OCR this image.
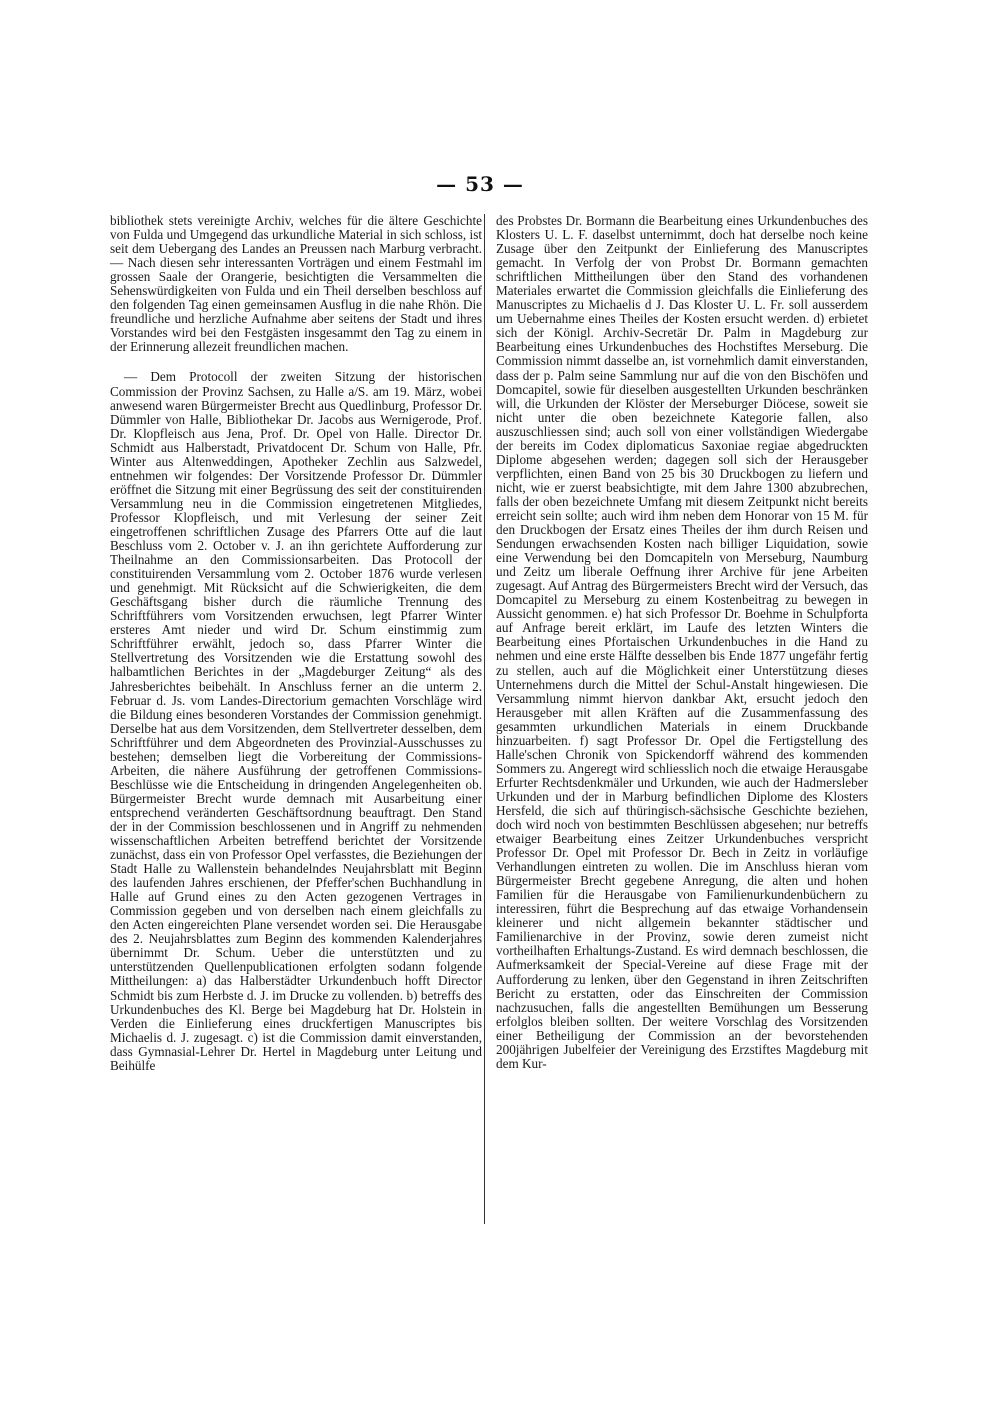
— 53 —

bibliothek stets vereinigte Archiv, welches für die ältere Geschichte von Fulda und Umgegend das urkundliche Material in sich schloss, ist seit dem Uebergang des Landes an Preussen nach Marburg verbracht. — Nach diesen sehr interessanten Vorträgen und einem Festmahl im grossen Saale der Orangerie, besichtigten die Versammelten die Sehenswürdigkeiten von Fulda und ein Theil derselben beschloss auf den folgenden Tag einen gemeinsamen Ausflug in die nahe Rhön. Die freundliche und herzliche Aufnahme aber seitens der Stadt und ihres Vorstandes wird bei den Festgästen insgesammt den Tag zu einem in der Erinnerung allezeit freundlichen machen.

— Dem Protocoll der zweiten Sitzung der historischen Commission der Provinz Sachsen, zu Halle a/S. am 19. März, wobei anwesend waren Bürgermeister Brecht aus Quedlinburg, Professor Dr. Dümmler von Halle, Bibliothekar Dr. Jacobs aus Wernigerode, Prof. Dr. Klopfleisch aus Jena, Prof. Dr. Opel von Halle. Director Dr. Schmidt aus Halberstadt, Privatdocent Dr. Schum von Halle, Pfr. Winter aus Altenweddingen, Apotheker Zechlin aus Salzwedel, entnehmen wir folgendes: Der Vorsitzende Professor Dr. Dümmler eröffnet die Sitzung mit einer Begrüssung des seit der constituirenden Versammlung neu in die Commission eingetretenen Mitgliedes, Professor Klopfleisch, und mit Verlesung der seiner Zeit eingetroffenen schriftlichen Zusage des Pfarrers Otte auf die laut Beschluss vom 2. October v. J. an ihn gerichtete Aufforderung zur Theilnahme an den Commissionsarbeiten. Das Protocoll der constituirenden Versammlung vom 2. October 1876 wurde verlesen und genehmigt. Mit Rücksicht auf die Schwierigkeiten, die dem Geschäftsgang bisher durch die räumliche Trennung des Schriftführers vom Vorsitzenden erwuchsen, legt Pfarrer Winter ersteres Amt nieder und wird Dr. Schum einstimmig zum Schriftführer erwählt, jedoch so, dass Pfarrer Winter die Stellvertretung des Vorsitzenden wie die Erstattung sowohl des halbamtlichen Berichtes in der „Magdeburger Zeitung“ als des Jahresberichtes beibehält. In Anschluss ferner an die unterm 2. Februar d. Js. vom Landes-Directorium gemachten Vorschläge wird die Bildung eines besonderen Vorstandes der Commission genehmigt. Derselbe hat aus dem Vorsitzenden, dem Stellvertreter desselben, dem Schriftführer und dem Abgeordneten des Provinzial-Ausschusses zu bestehen; demselben liegt die Vorbereitung der Commissions-Arbeiten, die nähere Ausführung der getroffenen Commissions-Beschlüsse wie die Entscheidung in dringenden Angelegenheiten ob. Bürgermeister Brecht wurde demnach mit Ausarbeitung einer entsprechend veränderten Geschäftsordnung beauftragt. Den Stand der in der Commission beschlossenen und in Angriff zu nehmenden wissenschaftlichen Arbeiten betreffend berichtet der Vorsitzende zunächst, dass ein von Professor Opel verfasstes, die Beziehungen der Stadt Halle zu Wallenstein behandelndes Neujahrsblatt mit Beginn des laufenden Jahres erschienen, der Pfeffer'schen Buchhandlung in Halle auf Grund eines zu den Acten gezogenen Vertrages in Commission gegeben und von derselben nach einem gleichfalls zu den Acten eingereichten Plane versendet worden sei. Die Herausgabe des 2. Neujahrsblattes zum Beginn des kommenden Kalenderjahres übernimmt Dr. Schum. Ueber die unterstützten und zu unterstützenden Quellenpublicationen erfolgten sodann folgende Mittheilungen: a) das Halberstädter Urkundenbuch hofft Director Schmidt bis zum Herbste d. J. im Drucke zu vollenden. b) betreffs des Urkundenbuches des Kl. Berge bei Magdeburg hat Dr. Holstein in Verden die Einlieferung eines druckfertigen Manuscriptes bis Michaelis d. J. zugesagt. c) ist die Commission damit einverstanden, dass Gymnasial-Lehrer Dr. Hertel in Magdeburg unter Leitung und Beihülfe

des Probstes Dr. Bormann die Bearbeitung eines Urkundenbuches des Klosters U. L. F. daselbst unternimmt, doch hat derselbe noch keine Zusage über den Zeitpunkt der Einlieferung des Manuscriptes gemacht. In Verfolg der von Probst Dr. Bormann gemachten schriftlichen Mittheilungen über den Stand des vorhandenen Materiales erwartet die Commission gleichfalls die Einlieferung des Manuscriptes zu Michaelis d J. Das Kloster U. L. Fr. soll ausserdem um Uebernahme eines Theiles der Kosten ersucht werden. d) erbietet sich der Königl. Archiv-Secretär Dr. Palm in Magdeburg zur Bearbeitung eines Urkundenbuches des Hochstiftes Merseburg. Die Commission nimmt dasselbe an, ist vornehmlich damit einverstanden, dass der p. Palm seine Sammlung nur auf die von den Bischöfen und Domcapitel, sowie für dieselben ausgestellten Urkunden beschränken will, die Urkunden der Klöster der Merseburger Diöcese, soweit sie nicht unter die oben bezeichnete Kategorie fallen, also auszuschliessen sind; auch soll von einer vollständigen Wiedergabe der bereits im Codex diplomaticus Saxoniae regiae abgedruckten Diplome abgesehen werden; dagegen soll sich der Herausgeber verpflichten, einen Band von 25 bis 30 Druckbogen zu liefern und nicht, wie er zuerst beabsichtigte, mit dem Jahre 1300 abzubrechen, falls der oben bezeichnete Umfang mit diesem Zeitpunkt nicht bereits erreicht sein sollte; auch wird ihm neben dem Honorar von 15 M. für den Druckbogen der Ersatz eines Theiles der ihm durch Reisen und Sendungen erwachsenden Kosten nach billiger Liquidation, sowie eine Verwendung bei den Domcapiteln von Merseburg, Naumburg und Zeitz um liberale Oeffnung ihrer Archive für jene Arbeiten zugesagt. Auf Antrag des Bürgermeisters Brecht wird der Versuch, das Domcapitel zu Merseburg zu einem Kostenbeitrag zu bewegen in Aussicht genommen. e) hat sich Professor Dr. Boehme in Schulpforta auf Anfrage bereit erklärt, im Laufe des letzten Winters die Bearbeitung eines Pfortaischen Urkundenbuches in die Hand zu nehmen und eine erste Hälfte desselben bis Ende 1877 ungefähr fertig zu stellen, auch auf die Möglichkeit einer Unterstützung dieses Unternehmens durch die Mittel der Schul-Anstalt hingewiesen. Die Versammlung nimmt hiervon dankbar Akt, ersucht jedoch den Herausgeber mit allen Kräften auf die Zusammenfassung des gesammten urkundlichen Materials in einem Druckbande hinzuarbeiten. f) sagt Professor Dr. Opel die Fertigstellung des Halle'schen Chronik von Spickendorff während des kommenden Sommers zu. Angeregt wird schliesslich noch die etwaige Herausgabe Erfurter Rechtsdenkmäler und Urkunden, wie auch der Hadmersleber Urkunden und der in Marburg befindlichen Diplome des Klosters Hersfeld, die sich auf thüringisch-sächsische Geschichte beziehen, doch wird noch von bestimmten Beschlüssen abgesehen; nur betreffs etwaiger Bearbeitung eines Zeitzer Urkundenbuches verspricht Professor Dr. Opel mit Professor Dr. Bech in Zeitz in vorläufige Verhandlungen eintreten zu wollen. Die im Anschluss hieran vom Bürgermeister Brecht gegebene Anregung, die alten und hohen Familien für die Herausgabe von Familienurkundenbüchern zu interessiren, führt die Besprechung auf das etwaige Vorhandensein kleinerer und nicht allgemein bekannter städtischer und Familienarchive in der Provinz, sowie deren zumeist nicht vortheilhaften Erhaltungs-Zustand. Es wird demnach beschlossen, die Aufmerksamkeit der Special-Vereine auf diese Frage mit der Aufforderung zu lenken, über den Gegenstand in ihren Zeitschriften Bericht zu erstatten, oder das Einschreiten der Commission nachzusuchen, falls die angestellten Bemühungen um Besserung erfolglos bleiben sollten. Der weitere Vorschlag des Vorsitzenden einer Betheiligung der Commission an der bevorstehenden 200jährigen Jubelfeier der Vereinigung des Erzstiftes Magdeburg mit dem Kur-
